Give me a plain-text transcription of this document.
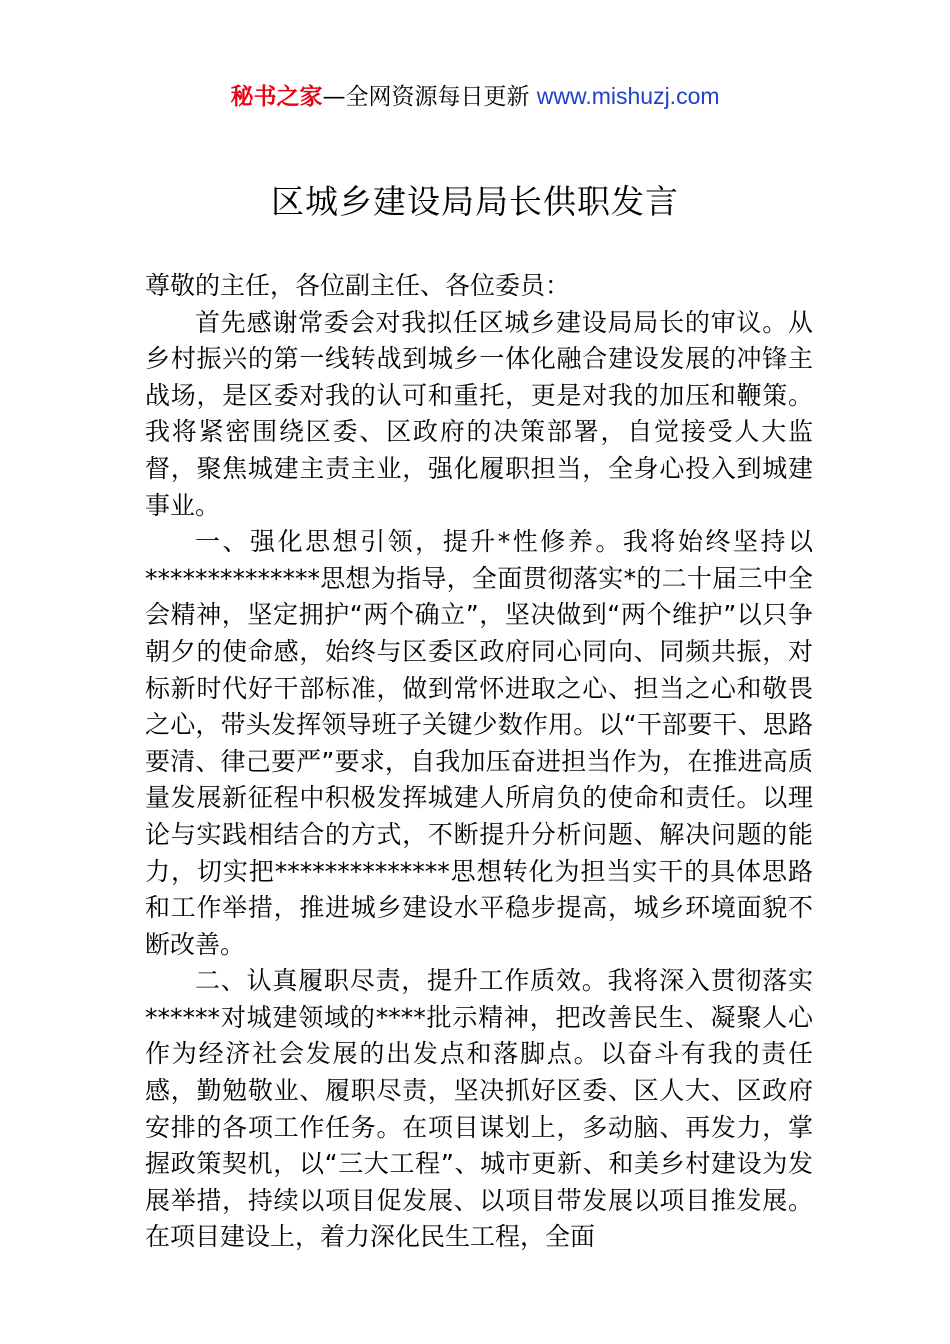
秘书之家—全网资源每日更新 www.mishuzj.com
区城乡建设局局长供职发言

尊敬的主任，各位副主任、各位委员：

首先感谢常委会对我拟任区城乡建设局局长的审议。从乡村振兴的第一线转战到城乡一体化融合建设发展的冲锋主战场，是区委对我的认可和重托，更是对我的加压和鞭策。我将紧密围绕区委、区政府的决策部署，自觉接受人大监督，聚焦城建主责主业，强化履职担当，全身心投入到城建事业。

一、强化思想引领，提升*性修养。我将始终坚持以**************思想为指导，全面贯彻落实*的二十届三中全会精神，坚定拥护“两个确立”，坚决做到“两个维护”以只争朝夕的使命感，始终与区委区政府同心同向、同频共振，对标新时代好干部标准，做到常怀进取之心、担当之心和敬畏之心，带头发挥领导班子关键少数作用。以“干部要干、思路要清、律己要严”要求，自我加压奋进担当作为，在推进高质量发展新征程中积极发挥城建人所肩负的使命和责任。以理论与实践相结合的方式，不断提升分析问题、解决问题的能力，切实把**************思想转化为担当实干的具体思路和工作举措，推进城乡建设水平稳步提高，城乡环境面貌不断改善。

二、认真履职尽责，提升工作质效。我将深入贯彻落实******对城建领域的****批示精神，把改善民生、凝聚人心作为经济社会发展的出发点和落脚点。以奋斗有我的责任感，勤勉敬业、履职尽责，坚决抓好区委、区人大、区政府安排的各项工作任务。在项目谋划上，多动脑、再发力，掌握政策契机，以“三大工程”、城市更新、和美乡村建设为发展举措，持续以项目促发展、以项目带发展以项目推发展。在项目建设上，着力深化民生工程，全面
